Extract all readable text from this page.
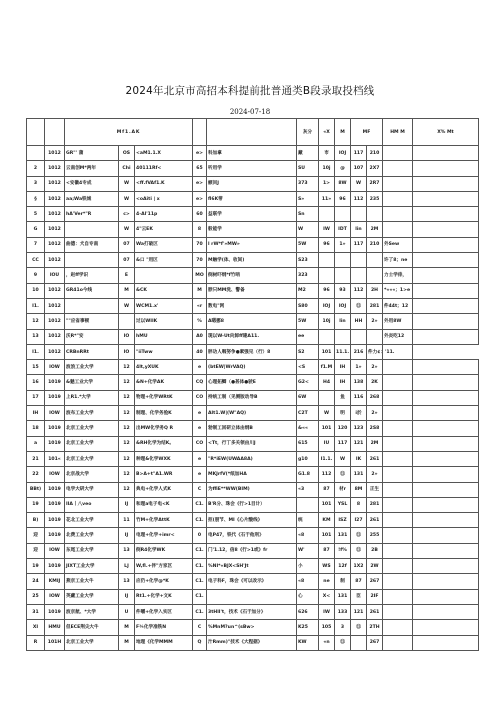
2024年北京市高招本科提前批普通类B段录取投档线
2024-07-18
		Mf1.AK					灰分	«X	M	MF		HM M	X% Mt
	1012	GR"' 蒲	OS	<aM1.1.X	e>	科加拿	藏	市	IOJ	117	210		
2	1012	云南创M*两年	Chi	40111Rf<	65	听用学	SU	10j	@	107	2X7		
3	1012	<安徽4专成	W	<ff.fVAf1.K	e>	额问J	373	1>	8W	W	2R7		
§	1012	aa;Wa铁城	W	<oAiti | x	e>	fl6K带	S»	11»	96	112	235		
5	1012	hA'Ver*"R	c>	4-Al'11p	60	益联学	Sn						
G	1012		W	4"云EK	8	般能学	W	IW	IDT	lin	2M		
7	1012	曲德：犬自专南	07	Wa打破区	70	l rW*f'»MW»	5W	96	1»	117	210	外Sew	
CC	1012		07	&口 "用区	70	M触学(体、收间)	S23					许了8；ne	
9	IOU	，赵ff学识	E		MO	倒树吓纲*f竹哨	323					力士学俳，	
10	1012	GR41o今线	M	&CK	M	脖只MM洗、警备	M2	96	93	112	2H	*«««；1>e	
I1.	1012		W	WCM1.x'	«r	数电"网	S80	IOJ	IOJ	⑪	281	件44t；12	
12	1012	""应省事顿		过以WIIK	%	A嗯挪8	5W	10j	lin	HH	2»	外用8W	
13	1012	沃R*"安	IO	hMU	A0	现以W-Ut向卸ff建A11.	ee					外炎吃12	
I1.	1012	CRBnRRt	IO	"iiTww	40	胖功人咽努争●素强见（行）8	S2	101	11.1.	216	件力¢：'11.		
15	IOW	波浪工业大学	12	4lt,yXUK	e	(btEW|WrVAQ)	<S	f1.M	IH	1»	2»		
16	1019	&魅工业大学	12	&N+化学AK	CQ	心理拓鲫（●甚体●驶E	G2<	H4	IH	138	2K		
17	1019	上R1.*大学	12	物理+化学WRtK	CO	持统工制（见侧版动导B	6W		鱼	116	268		
IH	IOW	波布工业大学	12	制理、化学务验K	e	Alt1.W|(W"AQ)	C2T	W	明	i於	2»		
18	1019	北京工业大学	12	出MW化学务Q R	e	勃制工回研立体由纲B	&««	101	120	123	2S8		
a	1019	北京工业大学	12	&RH化学为结K。	CO	<Tt，行丁多关领由川J	615	IU	117	121	2M		
21	101«	北京工业大学	12	种理&化学WXK	e	"R*iEW(UWAA8A)	g10	I1.1.	W	IK	261		
22	IOW	北京战大学	12	B>A+t"A1.WR	e	MKJrfV(*纸加HA	G1.8	112	⑪	131	2»		
BBt)	1019	电学大研大学	12	典电+化学人式K	C	为ffiE**WW(BIM)	«3	87	材r	8M	正生		
19	1019	IIA丨八veo	IJ	和理a电子电<K	C1.	B'R分、珠会《行>1目计）		101	YSL	8	281		
B)	1019	花北工业大学	11	竹M+化学AttK	C1.	拒(朋节、MI《心片酸线》	统	KM	ISZ	I27	261		
迎	1019	北费工业大学	IJ	电理+化学+imr<	0	电P47，铁代《石于他刑》	«8	101	131	⑪	255		
迎	IOW	东尾工业大学	13	倒R4化学WK	C1.	门'1.12，信8《行>1或》fr	W'	87	!f%	⑪	2B		
19	1019	JIXT工业大学	LJ	W,fl.+伴"方家区	C1.	%NI*«BJX<SH'Jt	小	WS	12f	1X2	2W		
24	KMIJ	燕京工业大牛	13	应仍+化学@*K	C1.	电子科F，珠会《可以改示》	«8	ne	制	87	267		
25	IOW	英藏工业大学	IJ	Rt1.+化学+文K	C1.		心	X<	131	臣	2IF		
31	1019	波京航、*大学	U	件嚼+化学入实区	C1.	3tHlI't，技术《石于加分》	626	IW	133	121	261		
XI	HMU	但ECE荆尖大牛	M	F¾化学准铁N	C	%MnM?un^(sBw>	K25	105	3	⑪	2TH		
R	101H	北京工业大学	M	地理《化学MMM	Q	汁Rmm)"技术《大程据》	KW	«n	⑪		267		
